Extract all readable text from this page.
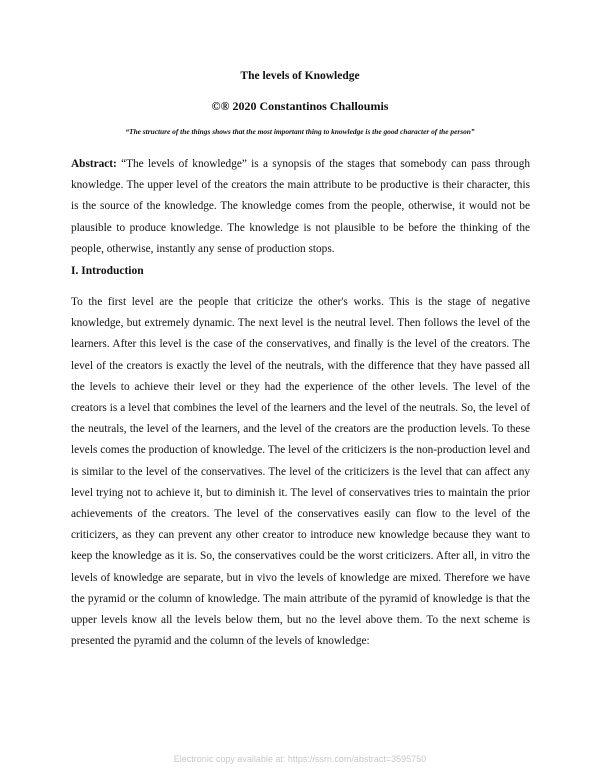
The levels of Knowledge
©® 2020 Constantinos Challoumis
“The structure of the things shows that the most important thing to knowledge is the good character of the person”
Abstract: “The levels of knowledge” is a synopsis of the stages that somebody can pass through knowledge. The upper level of the creators the main attribute to be productive is their character, this is the source of the knowledge. The knowledge comes from the people, otherwise, it would not be plausible to produce knowledge. The knowledge is not plausible to be before the thinking of the people, otherwise, instantly any sense of production stops.
I. Introduction
To the first level are the people that criticize the other's works. This is the stage of negative knowledge, but extremely dynamic. The next level is the neutral level. Then follows the level of the learners. After this level is the case of the conservatives, and finally is the level of the creators. The level of the creators is exactly the level of the neutrals, with the difference that they have passed all the levels to achieve their level or they had the experience of the other levels. The level of the creators is a level that combines the level of the learners and the level of the neutrals. So, the level of the neutrals, the level of the learners, and the level of the creators are the production levels. To these levels comes the production of knowledge. The level of the criticizers is the non-production level and is similar to the level of the conservatives. The level of the criticizers is the level that can affect any level trying not to achieve it, but to diminish it. The level of conservatives tries to maintain the prior achievements of the creators. The level of the conservatives easily can flow to the level of the criticizers, as they can prevent any other creator to introduce new knowledge because they want to keep the knowledge as it is. So, the conservatives could be the worst criticizers. After all, in vitro the levels of knowledge are separate, but in vivo the levels of knowledge are mixed. Therefore we have the pyramid or the column of knowledge. The main attribute of the pyramid of knowledge is that the upper levels know all the levels below them, but no the level above them. To the next scheme is presented the pyramid and the column of the levels of knowledge:
Electronic copy available at: https://ssrn.com/abstract=3595750
